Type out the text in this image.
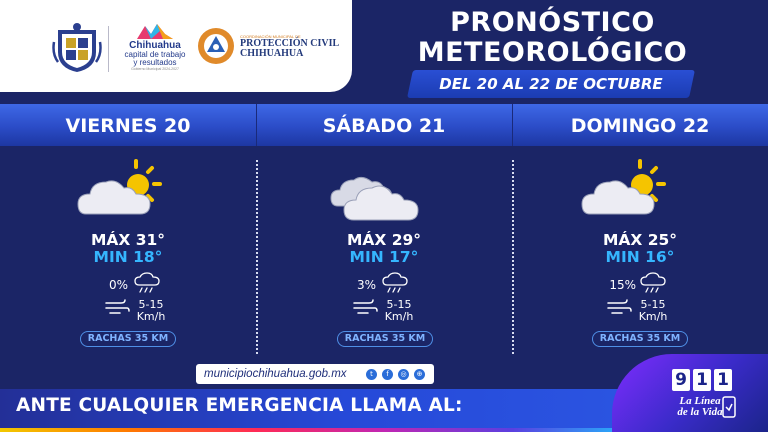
Chihuahua
capital de trabajo
y resultados
Gobierno Municipal 2024-2027
COORDINACIÓN MUNICIPAL DE
PROTECCIÓN CIVIL
CHIHUAHUA
PRONÓSTICO
METEOROLÓGICO
DEL 20 AL 22 DE OCTUBRE
VIERNES 20	SÁBADO 21	DOMINGO 22
MÁX 31°
MIN 18°
0%
5-15
Km/h
RACHAS 35 KM
MÁX 29°
MIN 17°
3%
5-15
Km/h
RACHAS 35 KM
MÁX 25°
MIN 16°
15%
5-15
Km/h
RACHAS 35 KM
municipiochihuahua.gob.mx	t	f	◎	⊕
ANTE CUALQUIER EMERGENCIA LLAMA AL:
9 1 1
La Línea
de la Vida
